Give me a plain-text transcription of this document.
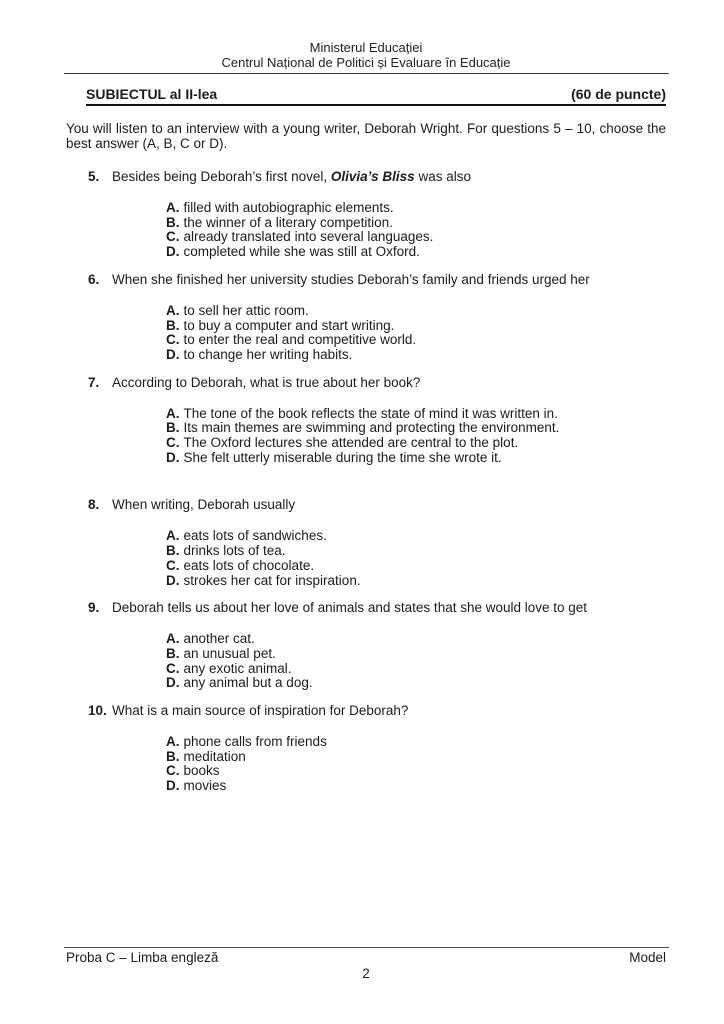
Ministerul Educației
Centrul Național de Politici și Evaluare în Educație
SUBIECTUL al II-lea	(60 de puncte)

You will listen to an interview with a young writer, Deborah Wright. For questions 5 – 10, choose the best answer (A, B, C or D).

5. Besides being Deborah’s first novel, Olivia’s Bliss was also
A. filled with autobiographic elements.
B. the winner of a literary competition.
C. already translated into several languages.
D. completed while she was still at Oxford.
6. When she finished her university studies Deborah’s family and friends urged her
A. to sell her attic room.
B. to buy a computer and start writing.
C. to enter the real and competitive world.
D. to change her writing habits.
7. According to Deborah, what is true about her book?
A. The tone of the book reflects the state of mind it was written in.
B. Its main themes are swimming and protecting the environment.
C. The Oxford lectures she attended are central to the plot.
D. She felt utterly miserable during the time she wrote it.
8. When writing, Deborah usually
A. eats lots of sandwiches.
B. drinks lots of tea.
C. eats lots of chocolate.
D. strokes her cat for inspiration.
9. Deborah tells us about her love of animals and states that she would love to get
A. another cat.
B. an unusual pet.
C. any exotic animal.
D. any animal but a dog.
10. What is a main source of inspiration for Deborah?
A. phone calls from friends
B. meditation
C. books
D. movies
Proba C – Limba engleză	Model
2
